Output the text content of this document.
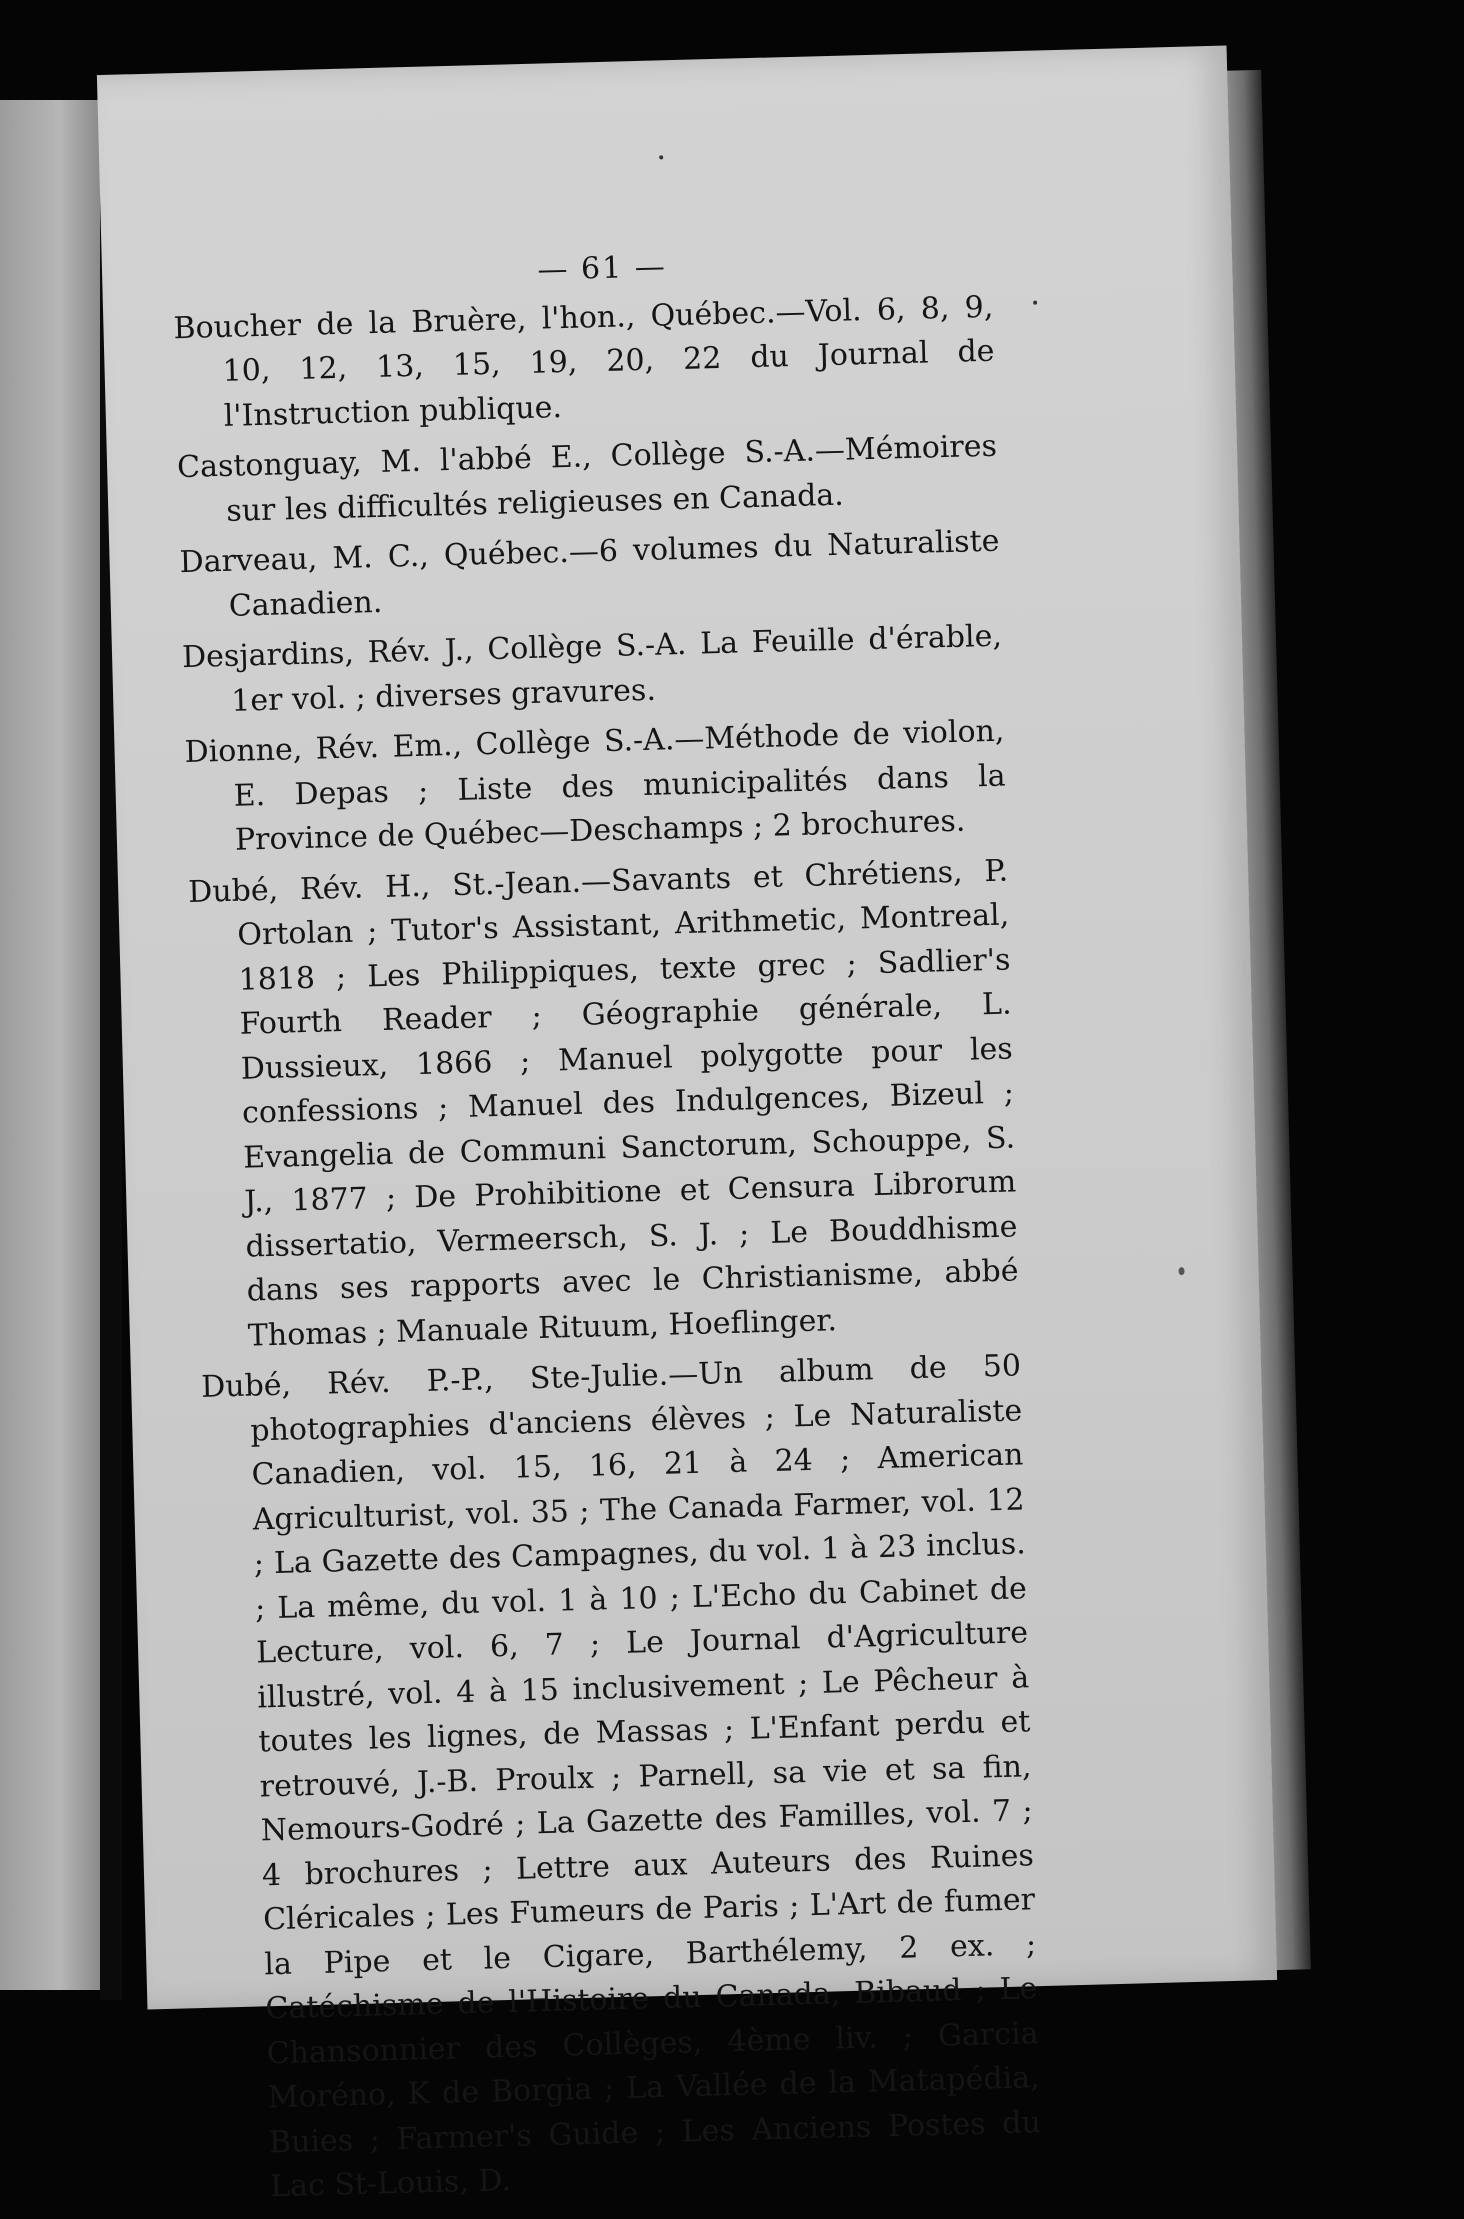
— 61 —

Boucher de la Bruère, l'hon., Québec.—Vol. 6, 8, 9, 10, 12, 13, 15, 19, 20, 22 du Journal de l'Instruction publique.

Castonguay, M. l'abbé E., Collège S.-A.—Mémoires sur les difficultés religieuses en Canada.

Darveau, M. C., Québec.—6 volumes du Naturaliste Canadien.

Desjardins, Rév. J., Collège S.-A. La Feuille d'érable, 1er vol. ; diverses gravures.

Dionne, Rév. Em., Collège S.-A.—Méthode de violon, E. Depas ; Liste des municipalités dans la Province de Québec—Deschamps ; 2 brochures.

Dubé, Rév. H., St.-Jean.—Savants et Chrétiens, P. Ortolan ; Tutor's Assistant, Arithmetic, Montreal, 1818 ; Les Philippiques, texte grec ; Sadlier's Fourth Reader ; Géographie générale, L. Dussieux, 1866 ; Manuel polygotte pour les confessions ; Manuel des Indulgences, Bizeul ; Evangelia de Communi Sanctorum, Schouppe, S. J., 1877 ; De Prohibitione et Censura Librorum dissertatio, Vermeersch, S. J. ; Le Bouddhisme dans ses rapports avec le Christianisme, abbé Thomas ; Manuale Rituum, Hoeflinger.

Dubé, Rév. P.-P., Ste-Julie.—Un album de 50 photographies d'anciens élèves ; Le Naturaliste Canadien, vol. 15, 16, 21 à 24 ; American Agriculturist, vol. 35 ; The Canada Farmer, vol. 12 ; La Gazette des Campagnes, du vol. 1 à 23 inclus. ; La même, du vol. 1 à 10 ; L'Echo du Cabinet de Lecture, vol. 6, 7 ; Le Journal d'Agriculture illustré, vol. 4 à 15 inclusivement ; Le Pêcheur à toutes les lignes, de Massas ; L'Enfant perdu et retrouvé, J.-B. Proulx ; Parnell, sa vie et sa fin, Nemours-Godré ; La Gazette des Familles, vol. 7 ; 4 brochures ; Lettre aux Auteurs des Ruines Cléricales ; Les Fumeurs de Paris ; L'Art de fumer la Pipe et le Cigare, Barthélemy, 2 ex. ; Catéchisme de l'Histoire du Canada, Bibaud ; Le Chansonnier des Collèges, 4ème liv. ; Garcia Moréno, K de Borgia ; La Vallée de la Matapédia, Buies ; Farmer's Guide ; Les Anciens Postes du Lac St-Louis, D.
